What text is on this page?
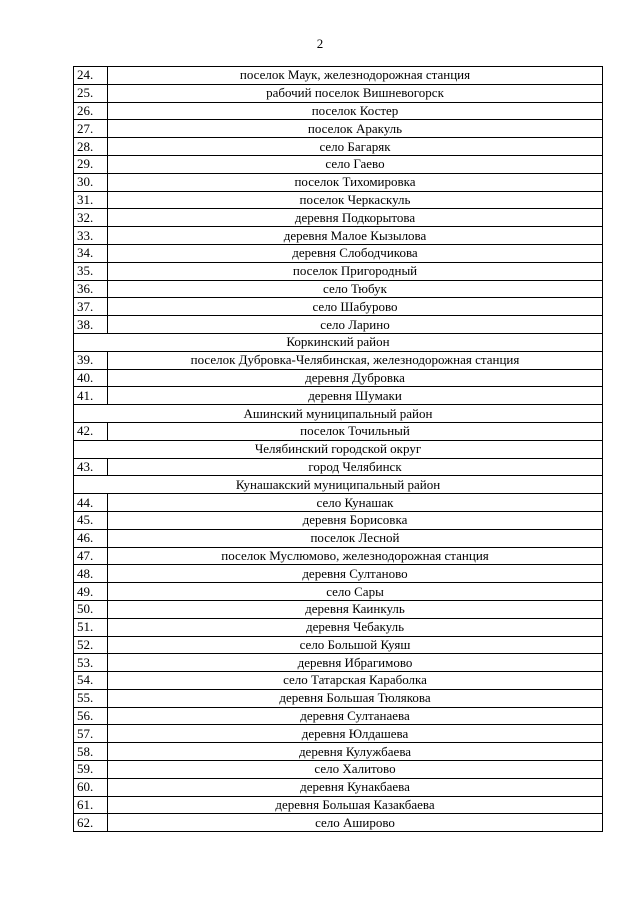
2
24.	поселок Маук, железнодорожная станция
25.	рабочий поселок Вишневогорск
26.	поселок Костер
27.	поселок Аракуль
28.	село Багаряк
29.	село Гаево
30.	поселок Тихомировка
31.	поселок Черкаскуль
32.	деревня Подкорытова
33.	деревня Малое Кызылова
34.	деревня Слободчикова
35.	поселок Пригородный
36.	село Тюбук
37.	село Шабурово
38.	село Ларино
Коркинский район	
39.	поселок Дубровка-Челябинская, железнодорожная станция
40.	деревня Дубровка
41.	деревня Шумаки
Ашинский муниципальный район	
42.	поселок Точильный
Челябинский городской округ	
43.	город Челябинск
Кунашакский муниципальный район	
44.	село Кунашак
45.	деревня Борисовка
46.	поселок Лесной
47.	поселок Муслюмово, железнодорожная станция
48.	деревня Султаново
49.	село Сары
50.	деревня Каинкуль
51.	деревня Чебакуль
52.	село Большой Куяш
53.	деревня Ибрагимово
54.	село Татарская Караболка
55.	деревня Большая Тюлякова
56.	деревня Султанаева
57.	деревня Юлдашева
58.	деревня Кулужбаева
59.	село Халитово
60.	деревня Кунакбаева
61.	деревня Большая Казакбаева
62.	село Аширово
